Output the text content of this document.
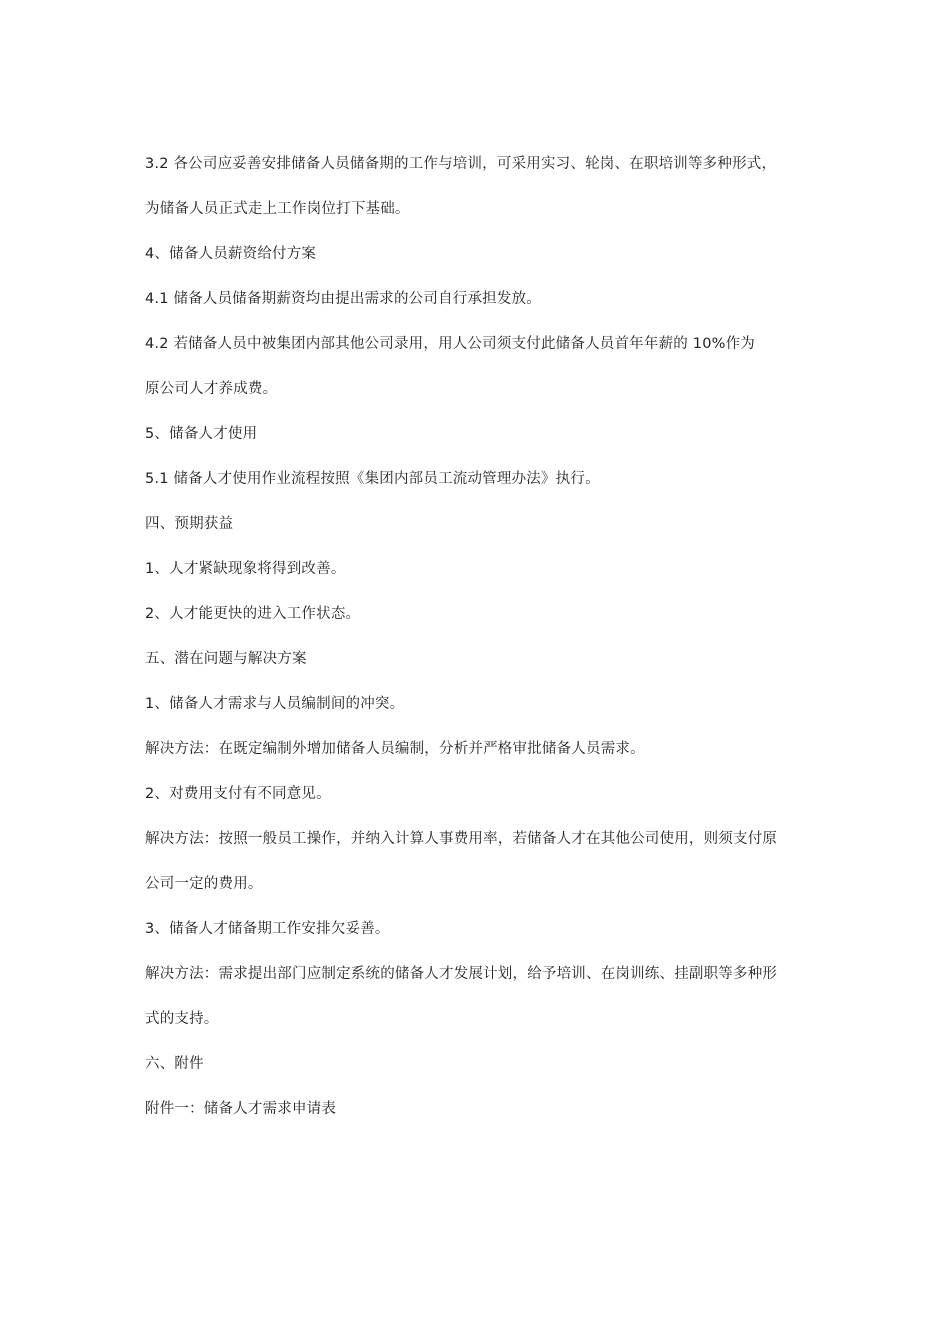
3.2 各公司应妥善安排储备人员储备期的工作与培训，可采用实习、轮岗、在职培训等多种形式，
为储备人员正式走上工作岗位打下基础。
4、储备人员薪资给付方案
4.1 储备人员储备期薪资均由提出需求的公司自行承担发放。
4.2 若储备人员中被集团内部其他公司录用，用人公司须支付此储备人员首年年薪的 10%作为
原公司人才养成费。
5、储备人才使用
5.1 储备人才使用作业流程按照《集团内部员工流动管理办法》执行。
四、预期获益
1、人才紧缺现象将得到改善。
2、人才能更快的进入工作状态。
五、潜在问题与解决方案
1、储备人才需求与人员编制间的冲突。
解决方法：在既定编制外增加储备人员编制，分析并严格审批储备人员需求。
2、对费用支付有不同意见。
解决方法：按照一般员工操作，并纳入计算人事费用率，若储备人才在其他公司使用，则须支付原
公司一定的费用。
3、储备人才储备期工作安排欠妥善。
解决方法：需求提出部门应制定系统的储备人才发展计划，给予培训、在岗训练、挂副职等多种形
式的支持。
六、附件
附件一：储备人才需求申请表
